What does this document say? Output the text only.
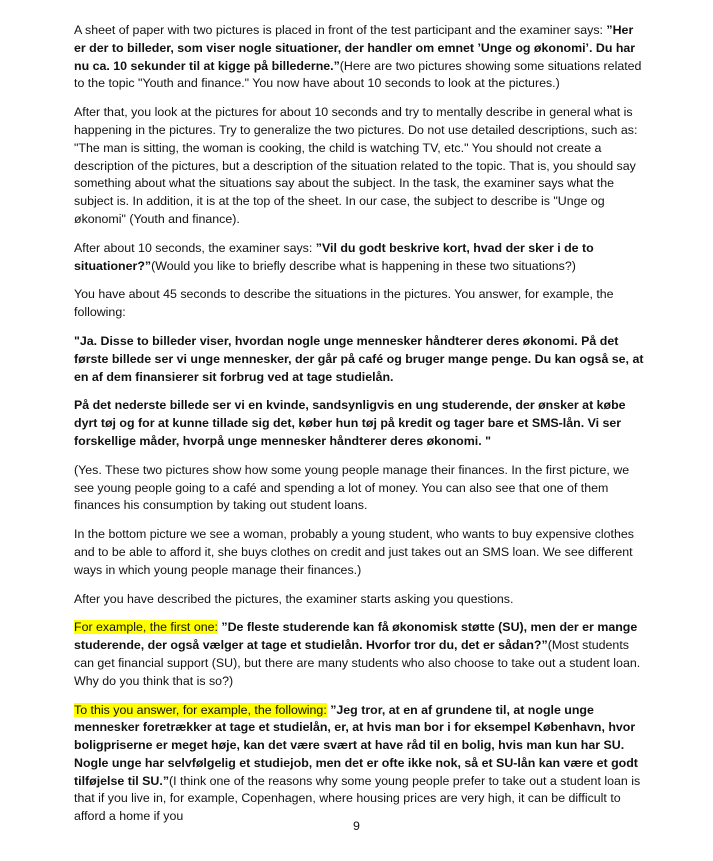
A sheet of paper with two pictures is placed in front of the test participant and the examiner says: ”Her er der to billeder, som viser nogle situationer, der handler om emnet ’Unge og økonomi’. Du har nu ca. 10 sekunder til at kigge på billederne.”(Here are two pictures showing some situations related to the topic "Youth and finance." You now have about 10 seconds to look at the pictures.)

After that, you look at the pictures for about 10 seconds and try to mentally describe in general what is happening in the pictures. Try to generalize the two pictures. Do not use detailed descriptions, such as: "The man is sitting, the woman is cooking, the child is watching TV, etc." You should not create a description of the pictures, but a description of the situation related to the topic. That is, you should say something about what the situations say about the subject. In the task, the examiner says what the subject is. In addition, it is at the top of the sheet. In our case, the subject to describe is "Unge og økonomi" (Youth and finance).

After about 10 seconds, the examiner says: ”Vil du godt beskrive kort, hvad der sker i de to situationer?”(Would you like to briefly describe what is happening in these two situations?)

You have about 45 seconds to describe the situations in the pictures. You answer, for example, the following:

"Ja. Disse to billeder viser, hvordan nogle unge mennesker håndterer deres økonomi. På det første billede ser vi unge mennesker, der går på café og bruger mange penge. Du kan også se, at en af dem finansierer sit forbrug ved at tage studielån.

På det nederste billede ser vi en kvinde, sandsynligvis en ung studerende, der ønsker at købe dyrt tøj og for at kunne tillade sig det, køber hun tøj på kredit og tager bare et SMS-lån. Vi ser forskellige måder, hvorpå unge mennesker håndterer deres økonomi. "

(Yes. These two pictures show how some young people manage their finances. In the first picture, we see young people going to a café and spending a lot of money. You can also see that one of them finances his consumption by taking out student loans.

In the bottom picture we see a woman, probably a young student, who wants to buy expensive clothes and to be able to afford it, she buys clothes on credit and just takes out an SMS loan. We see different ways in which young people manage their finances.)

After you have described the pictures, the examiner starts asking you questions.

For example, the first one: ”De fleste studerende kan få økonomisk støtte (SU), men der er mange studerende, der også vælger at tage et studielån. Hvorfor tror du, det er sådan?”(Most students can get financial support (SU), but there are many students who also choose to take out a student loan. Why do you think that is so?)

To this you answer, for example, the following: ”Jeg tror, at en af grundene til, at nogle unge mennesker foretrækker at tage et studielån, er, at hvis man bor i for eksempel København, hvor boligpriserne er meget høje, kan det være svært at have råd til en bolig, hvis man kun har SU. Nogle unge har selvfølgelig et studiejob, men det er ofte ikke nok, så et SU-lån kan være et godt tilføjelse til SU.”(I think one of the reasons why some young people prefer to take out a student loan is that if you live in, for example, Copenhagen, where housing prices are very high, it can be difficult to afford a home if you

9
